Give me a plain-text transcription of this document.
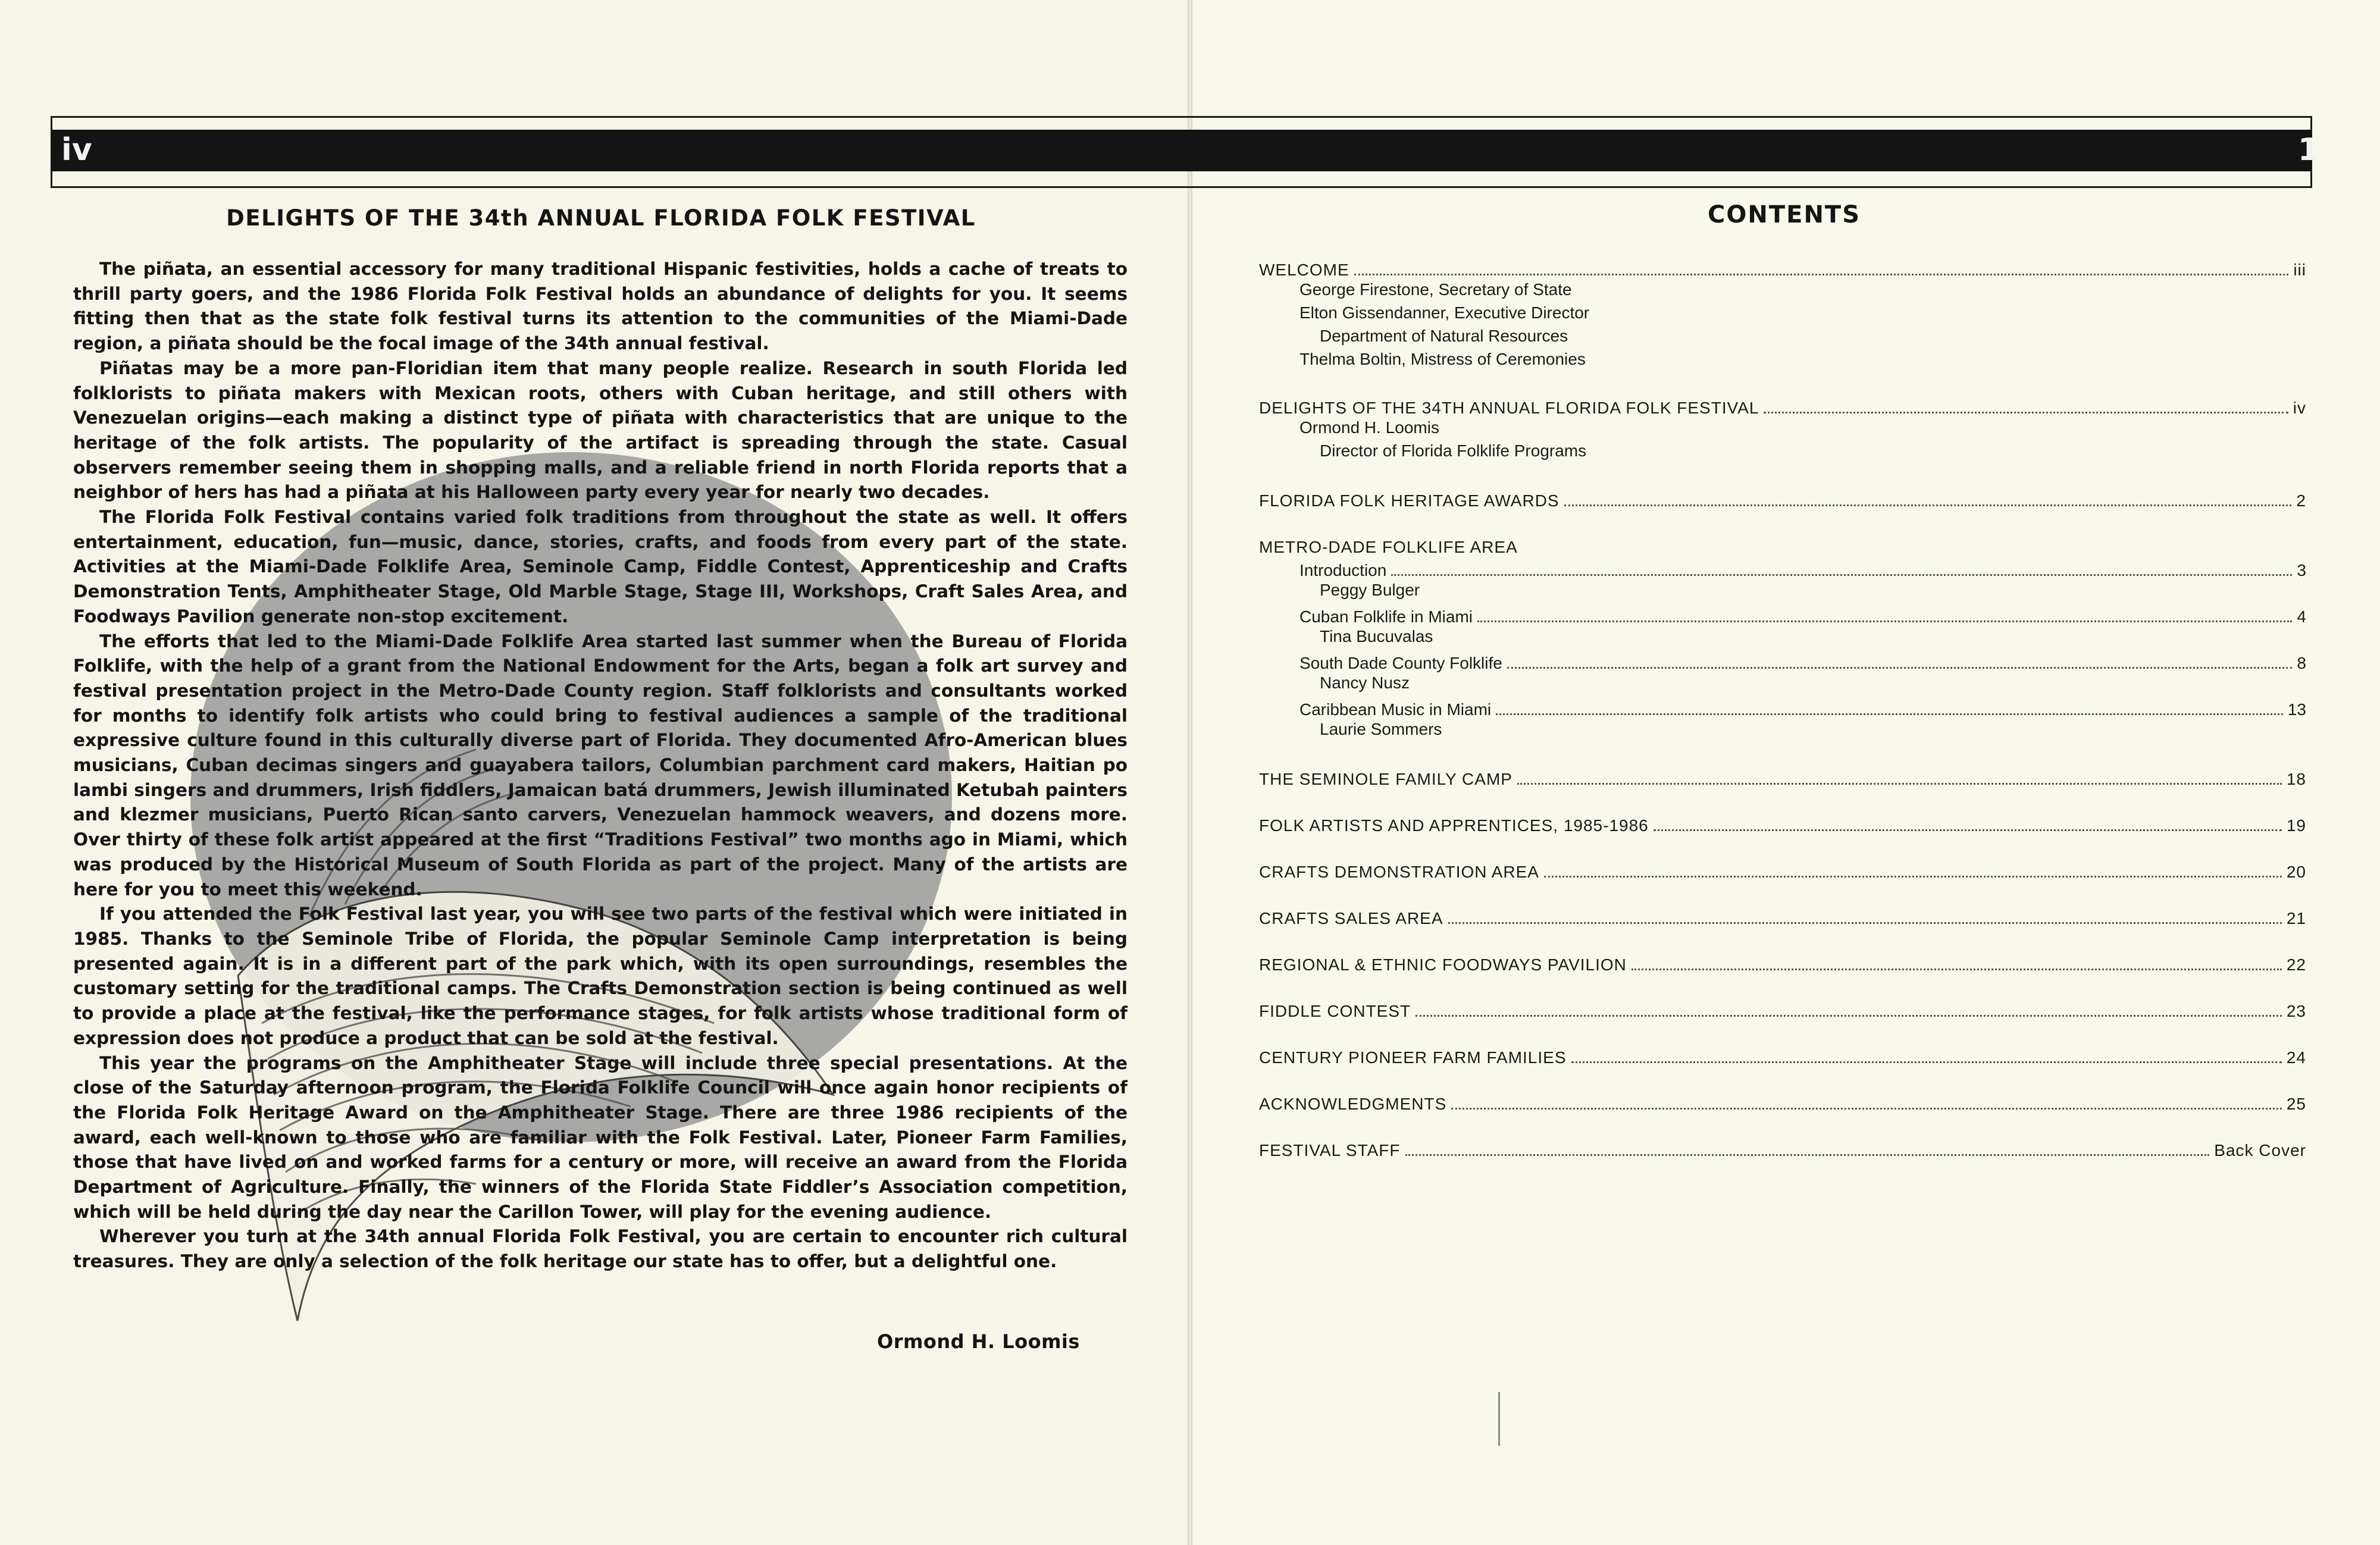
iv	1
DELIGHTS OF THE 34th ANNUAL FLORIDA FOLK FESTIVAL

The piñata, an essential accessory for many traditional Hispanic festivities, holds a cache of treats to thrill party goers, and the 1986 Florida Folk Festival holds an abundance of delights for you. It seems fitting then that as the state folk festival turns its attention to the communities of the Miami-Dade region, a piñata should be the focal image of the 34th annual festival.

Piñatas may be a more pan-Floridian item that many people realize. Research in south Florida led folklorists to piñata makers with Mexican roots, others with Cuban heritage, and still others with Venezuelan origins—each making a distinct type of piñata with characteristics that are unique to the heritage of the folk artists. The popularity of the artifact is spreading through the state. Casual observers remember seeing them in shopping malls, and a reliable friend in north Florida reports that a neighbor of hers has had a piñata at his Halloween party every year for nearly two decades.

The Florida Folk Festival contains varied folk traditions from throughout the state as well. It offers entertainment, education, fun—music, dance, stories, crafts, and foods from every part of the state. Activities at the Miami-Dade Folklife Area, Seminole Camp, Fiddle Contest, Apprenticeship and Crafts Demonstration Tents, Amphitheater Stage, Old Marble Stage, Stage III, Workshops, Craft Sales Area, and Foodways Pavilion generate non-stop excitement.

The efforts that led to the Miami-Dade Folklife Area started last summer when the Bureau of Florida Folklife, with the help of a grant from the National Endowment for the Arts, began a folk art survey and festival presentation project in the Metro-Dade County region. Staff folklorists and consultants worked for months to identify folk artists who could bring to festival audiences a sample of the traditional expressive culture found in this culturally diverse part of Florida. They documented Afro-American blues musicians, Cuban decimas singers and guayabera tailors, Columbian parchment card makers, Haitian po lambi singers and drummers, Irish fiddlers, Jamaican batá drummers, Jewish illuminated Ketubah painters and klezmer musicians, Puerto Rican santo carvers, Venezuelan hammock weavers, and dozens more. Over thirty of these folk artist appeared at the first “Traditions Festival” two months ago in Miami, which was produced by the Historical Museum of South Florida as part of the project. Many of the artists are here for you to meet this weekend.

If you attended the Folk Festival last year, you will see two parts of the festival which were initiated in 1985. Thanks to the Seminole Tribe of Florida, the popular Seminole Camp interpretation is being presented again. It is in a different part of the park which, with its open surroundings, resembles the customary setting for the traditional camps. The Crafts Demonstration section is being continued as well to provide a place at the festival, like the performance stages, for folk artists whose traditional form of expression does not produce a product that can be sold at the festival.

This year the programs on the Amphitheater Stage will include three special presentations. At the close of the Saturday afternoon program, the Florida Folklife Council will once again honor recipients of the Florida Folk Heritage Award on the Amphitheater Stage. There are three 1986 recipients of the award, each well-known to those who are familiar with the Folk Festival. Later, Pioneer Farm Families, those that have lived on and worked farms for a century or more, will receive an award from the Florida Department of Agriculture. Finally, the winners of the Florida State Fiddler’s Association competition, which will be held during the day near the Carillon Tower, will play for the evening audience.

Wherever you turn at the 34th annual Florida Folk Festival, you are certain to encounter rich cultural treasures. They are only a selection of the folk heritage our state has to offer, but a delightful one.

Ormond H. Loomis
CONTENTS
WELCOME	iii
George Firestone, Secretary of State
Elton Gissendanner, Executive Director
Department of Natural Resources
Thelma Boltin, Mistress of Ceremonies
DELIGHTS OF THE 34TH ANNUAL FLORIDA FOLK FESTIVAL	iv
Ormond H. Loomis
Director of Florida Folklife Programs
FLORIDA FOLK HERITAGE AWARDS	2
METRO-DADE FOLKLIFE AREA
Introduction	3
Peggy Bulger
Cuban Folklife in Miami	4
Tina Bucuvalas
South Dade County Folklife	8
Nancy Nusz
Caribbean Music in Miami	13
Laurie Sommers
THE SEMINOLE FAMILY CAMP	18
FOLK ARTISTS AND APPRENTICES, 1985-1986	19
CRAFTS DEMONSTRATION AREA	20
CRAFTS SALES AREA	21
REGIONAL & ETHNIC FOODWAYS PAVILION	22
FIDDLE CONTEST	23
CENTURY PIONEER FARM FAMILIES	24
ACKNOWLEDGMENTS	25
FESTIVAL STAFF	Back Cover
